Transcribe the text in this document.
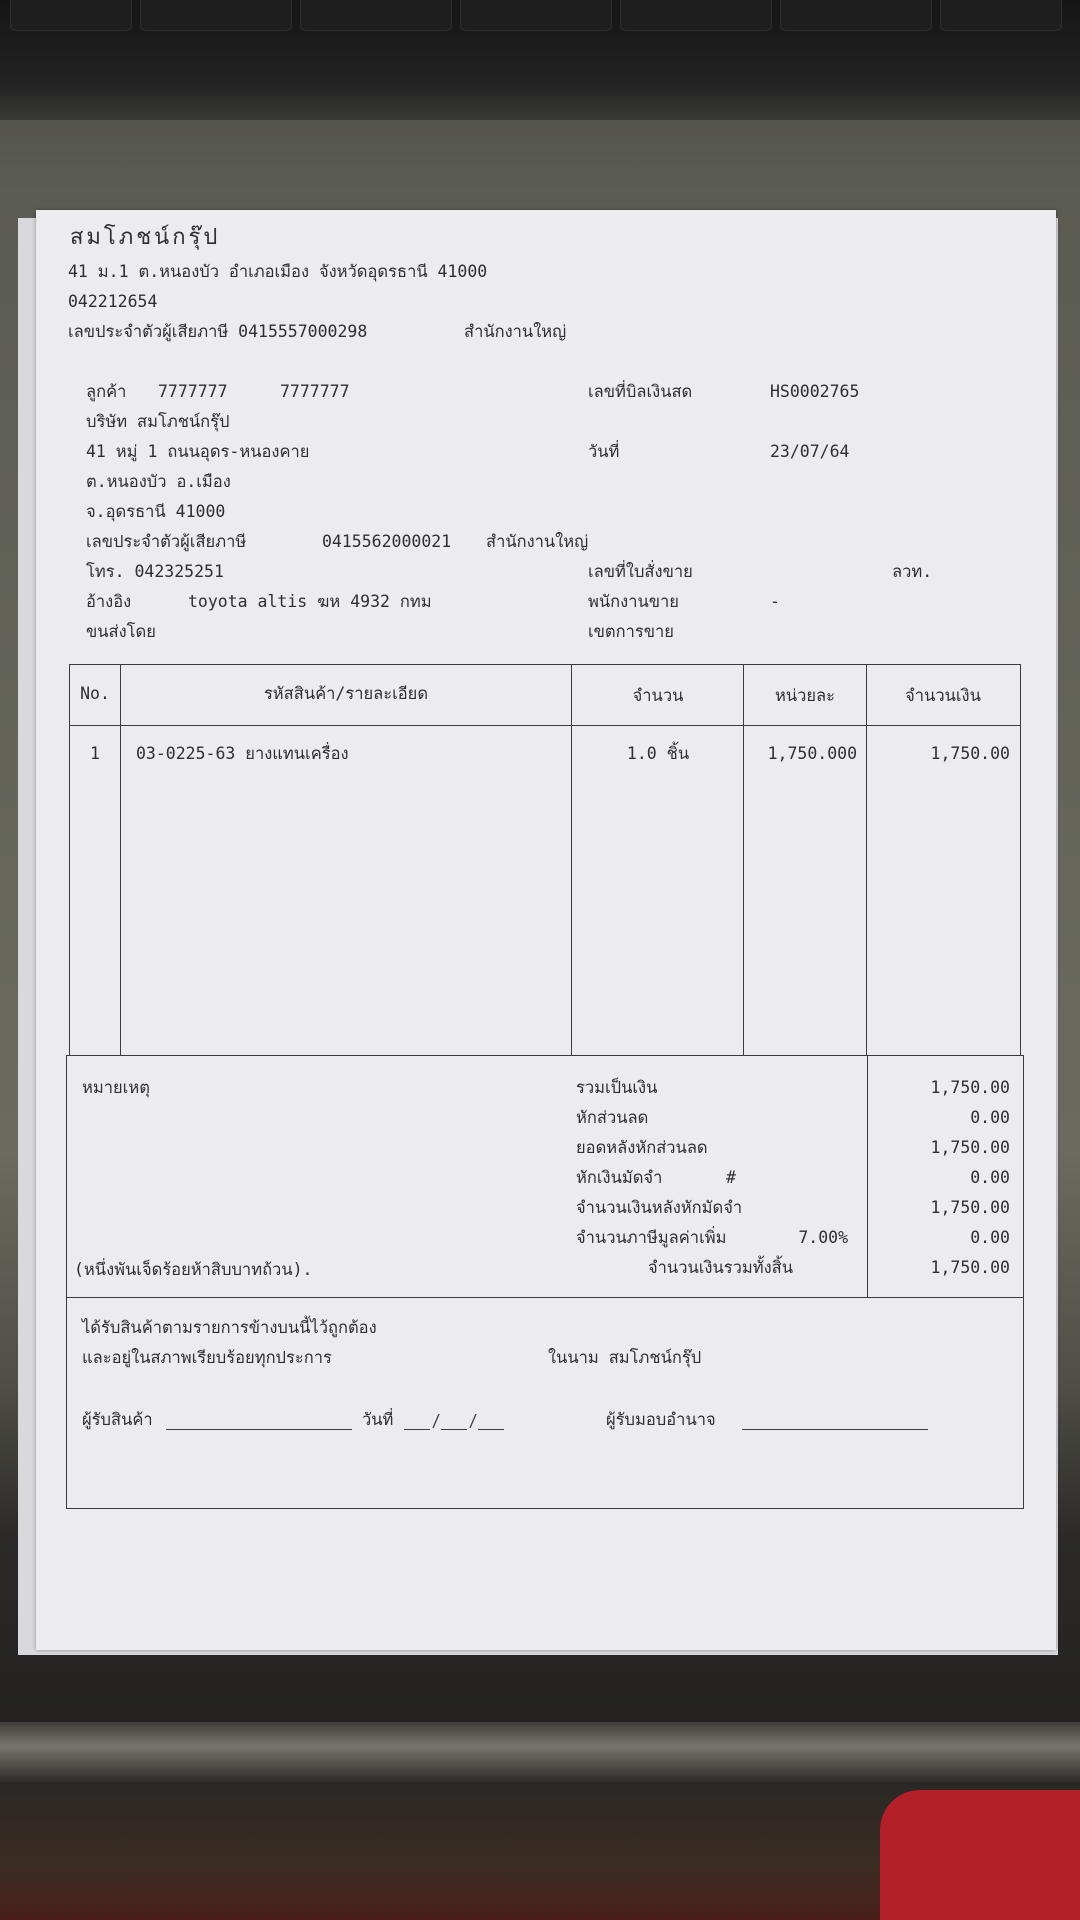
สมโภชน์กรุ๊ป
41 ม.1 ต.หนองบัว อำเภอเมือง จังหวัดอุดรธานี 41000
042212654
เลขประจำตัวผู้เสียภาษี 0415557000298	สำนักงานใหญ่
ลูกค้า 7777777	7777777
บริษัท สมโภชน์กรุ๊ป
41 หมู่ 1 ถนนอุดร-หนองคาย
ต.หนองบัว อ.เมือง
จ.อุดรธานี 41000
เลขประจำตัวผู้เสียภาษี	0415562000021 สำนักงานใหญ่
โทร. 042325251
อ้างอิง	toyota altis ฆห 4932 กทม
ขนส่งโดย
เลขที่บิลเงินสด	HS0002765
วันที่	23/07/64
เลขที่ใบสั่งขาย	ลวท.
พนักงานขาย	-
เขตการขาย
No.	รหัสสินค้า/รายละเอียด	จำนวน	หน่วยละ	จำนวนเงิน
1	03-0225-63 ยางแทนเครื่อง	1.0 ชิ้น	1,750.000	1,750.00
หมายเหตุ
(หนึ่งพันเจ็ดร้อยห้าสิบบาทถ้วน).
รวมเป็นเงิน	1,750.00
หักส่วนลด	0.00
ยอดหลังหักส่วนลด	1,750.00
หักเงินมัดจำ	#	0.00
จำนวนเงินหลังหักมัดจำ	1,750.00
จำนวนภาษีมูลค่าเพิ่ม	7.00%	0.00
จำนวนเงินรวมทั้งสิ้น	1,750.00
ได้รับสินค้าตามรายการข้างบนนี้ไว้ถูกต้อง
และอยู่ในสภาพเรียบร้อยทุกประการ	ในนาม สมโภชน์กรุ๊ป
ผู้รับสินค้า	วันที่	ผู้รับมอบอำนาจ
